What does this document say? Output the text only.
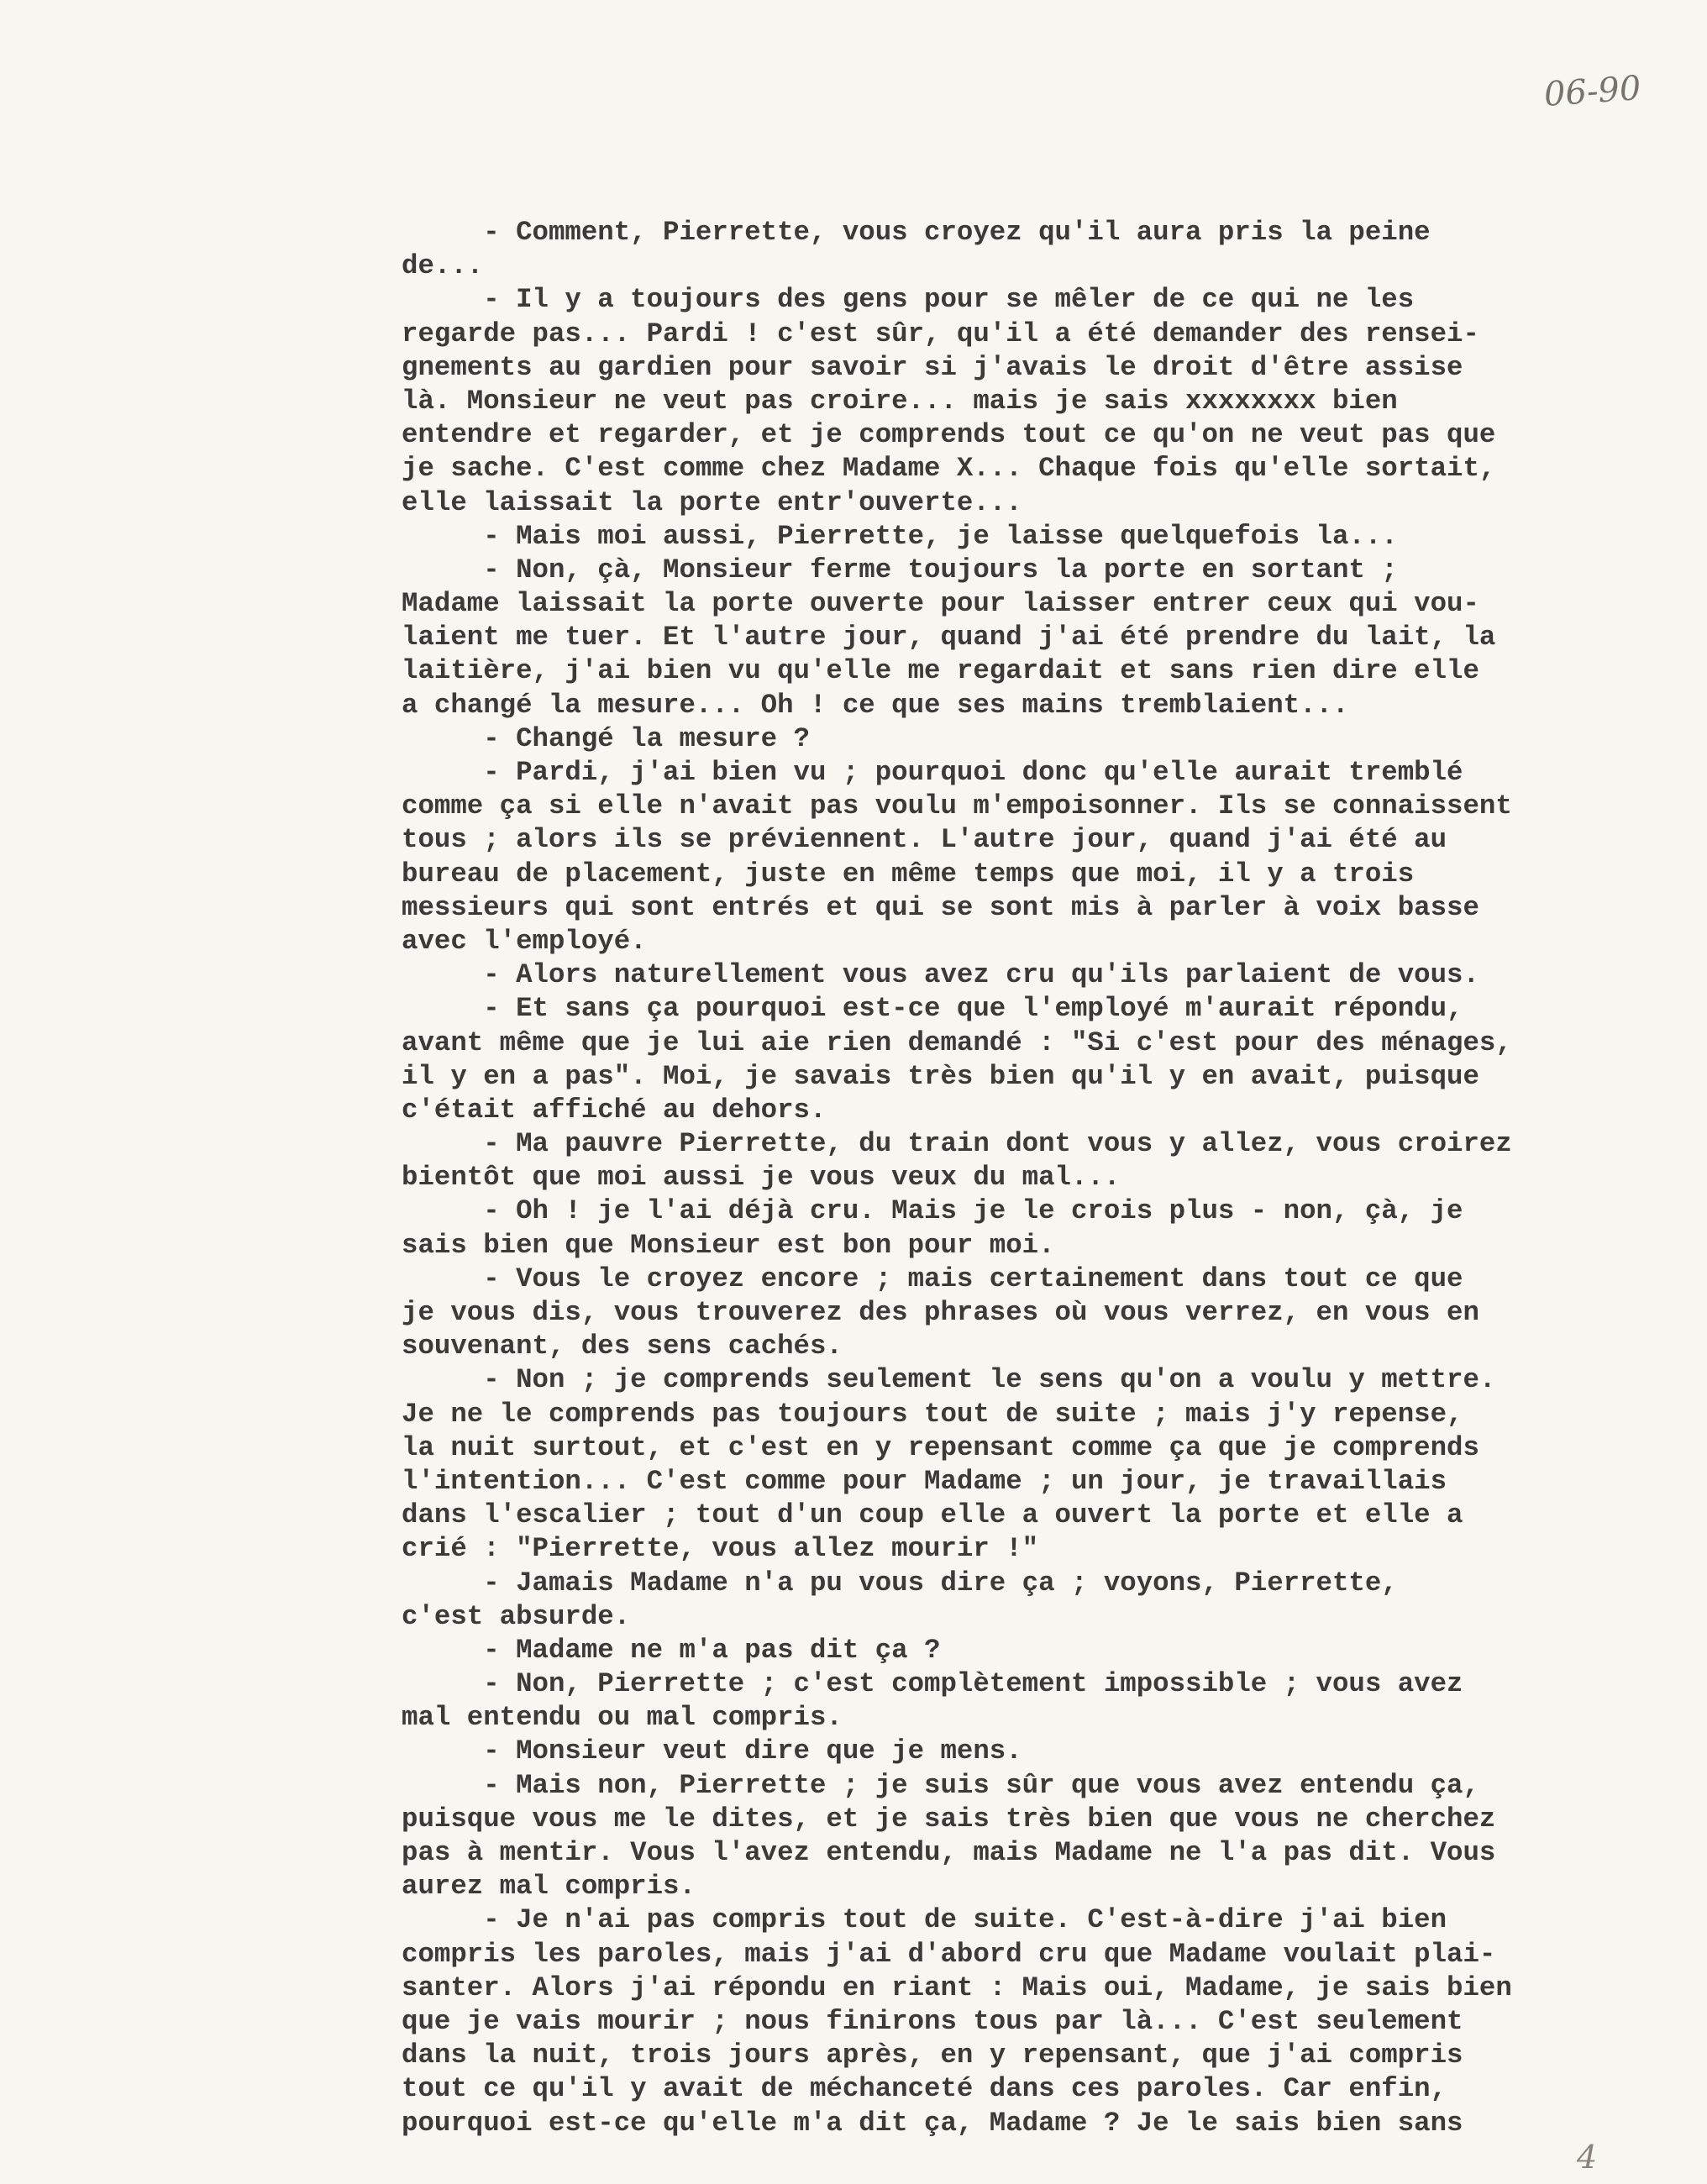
06-90
- Comment, Pierrette, vous croyez qu'il aura pris la peine
de...
- Il y a toujours des gens pour se mêler de ce qui ne les
regarde pas... Pardi ! c'est sûr, qu'il a été demander des rensei-
gnements au gardien pour savoir si j'avais le droit d'être assise
là. Monsieur ne veut pas croire... mais je sais xxxxxxxx bien
entendre et regarder, et je comprends tout ce qu'on ne veut pas que
je sache. C'est comme chez Madame X... Chaque fois qu'elle sortait,
elle laissait la porte entr'ouverte...
- Mais moi aussi, Pierrette, je laisse quelquefois la...
- Non, çà, Monsieur ferme toujours la porte en sortant ;
Madame laissait la porte ouverte pour laisser entrer ceux qui vou-
laient me tuer. Et l'autre jour, quand j'ai été prendre du lait, la
laitière, j'ai bien vu qu'elle me regardait et sans rien dire elle
a changé la mesure... Oh ! ce que ses mains tremblaient...
- Changé la mesure ?
- Pardi, j'ai bien vu ; pourquoi donc qu'elle aurait tremblé
comme ça si elle n'avait pas voulu m'empoisonner. Ils se connaissent
tous ; alors ils se préviennent. L'autre jour, quand j'ai été au
bureau de placement, juste en même temps que moi, il y a trois
messieurs qui sont entrés et qui se sont mis à parler à voix basse
avec l'employé.
- Alors naturellement vous avez cru qu'ils parlaient de vous.
- Et sans ça pourquoi est-ce que l'employé m'aurait répondu,
avant même que je lui aie rien demandé : "Si c'est pour des ménages,
il y en a pas". Moi, je savais très bien qu'il y en avait, puisque
c'était affiché au dehors.
- Ma pauvre Pierrette, du train dont vous y allez, vous croirez
bientôt que moi aussi je vous veux du mal...
- Oh ! je l'ai déjà cru. Mais je le crois plus - non, çà, je
sais bien que Monsieur est bon pour moi.
- Vous le croyez encore ; mais certainement dans tout ce que
je vous dis, vous trouverez des phrases où vous verrez, en vous en
souvenant, des sens cachés.
- Non ; je comprends seulement le sens qu'on a voulu y mettre.
Je ne le comprends pas toujours tout de suite ; mais j'y repense,
la nuit surtout, et c'est en y repensant comme ça que je comprends
l'intention... C'est comme pour Madame ; un jour, je travaillais
dans l'escalier ; tout d'un coup elle a ouvert la porte et elle a
crié : "Pierrette, vous allez mourir !"
- Jamais Madame n'a pu vous dire ça ; voyons, Pierrette,
c'est absurde.
- Madame ne m'a pas dit ça ?
- Non, Pierrette ; c'est complètement impossible ; vous avez
mal entendu ou mal compris.
- Monsieur veut dire que je mens.
- Mais non, Pierrette ; je suis sûr que vous avez entendu ça,
puisque vous me le dites, et je sais très bien que vous ne cherchez
pas à mentir. Vous l'avez entendu, mais Madame ne l'a pas dit. Vous
aurez mal compris.
- Je n'ai pas compris tout de suite. C'est-à-dire j'ai bien
compris les paroles, mais j'ai d'abord cru que Madame voulait plai-
santer. Alors j'ai répondu en riant : Mais oui, Madame, je sais bien
que je vais mourir ; nous finirons tous par là... C'est seulement
dans la nuit, trois jours après, en y repensant, que j'ai compris
tout ce qu'il y avait de méchanceté dans ces paroles. Car enfin,
pourquoi est-ce qu'elle m'a dit ça, Madame ? Je le sais bien sans
4
